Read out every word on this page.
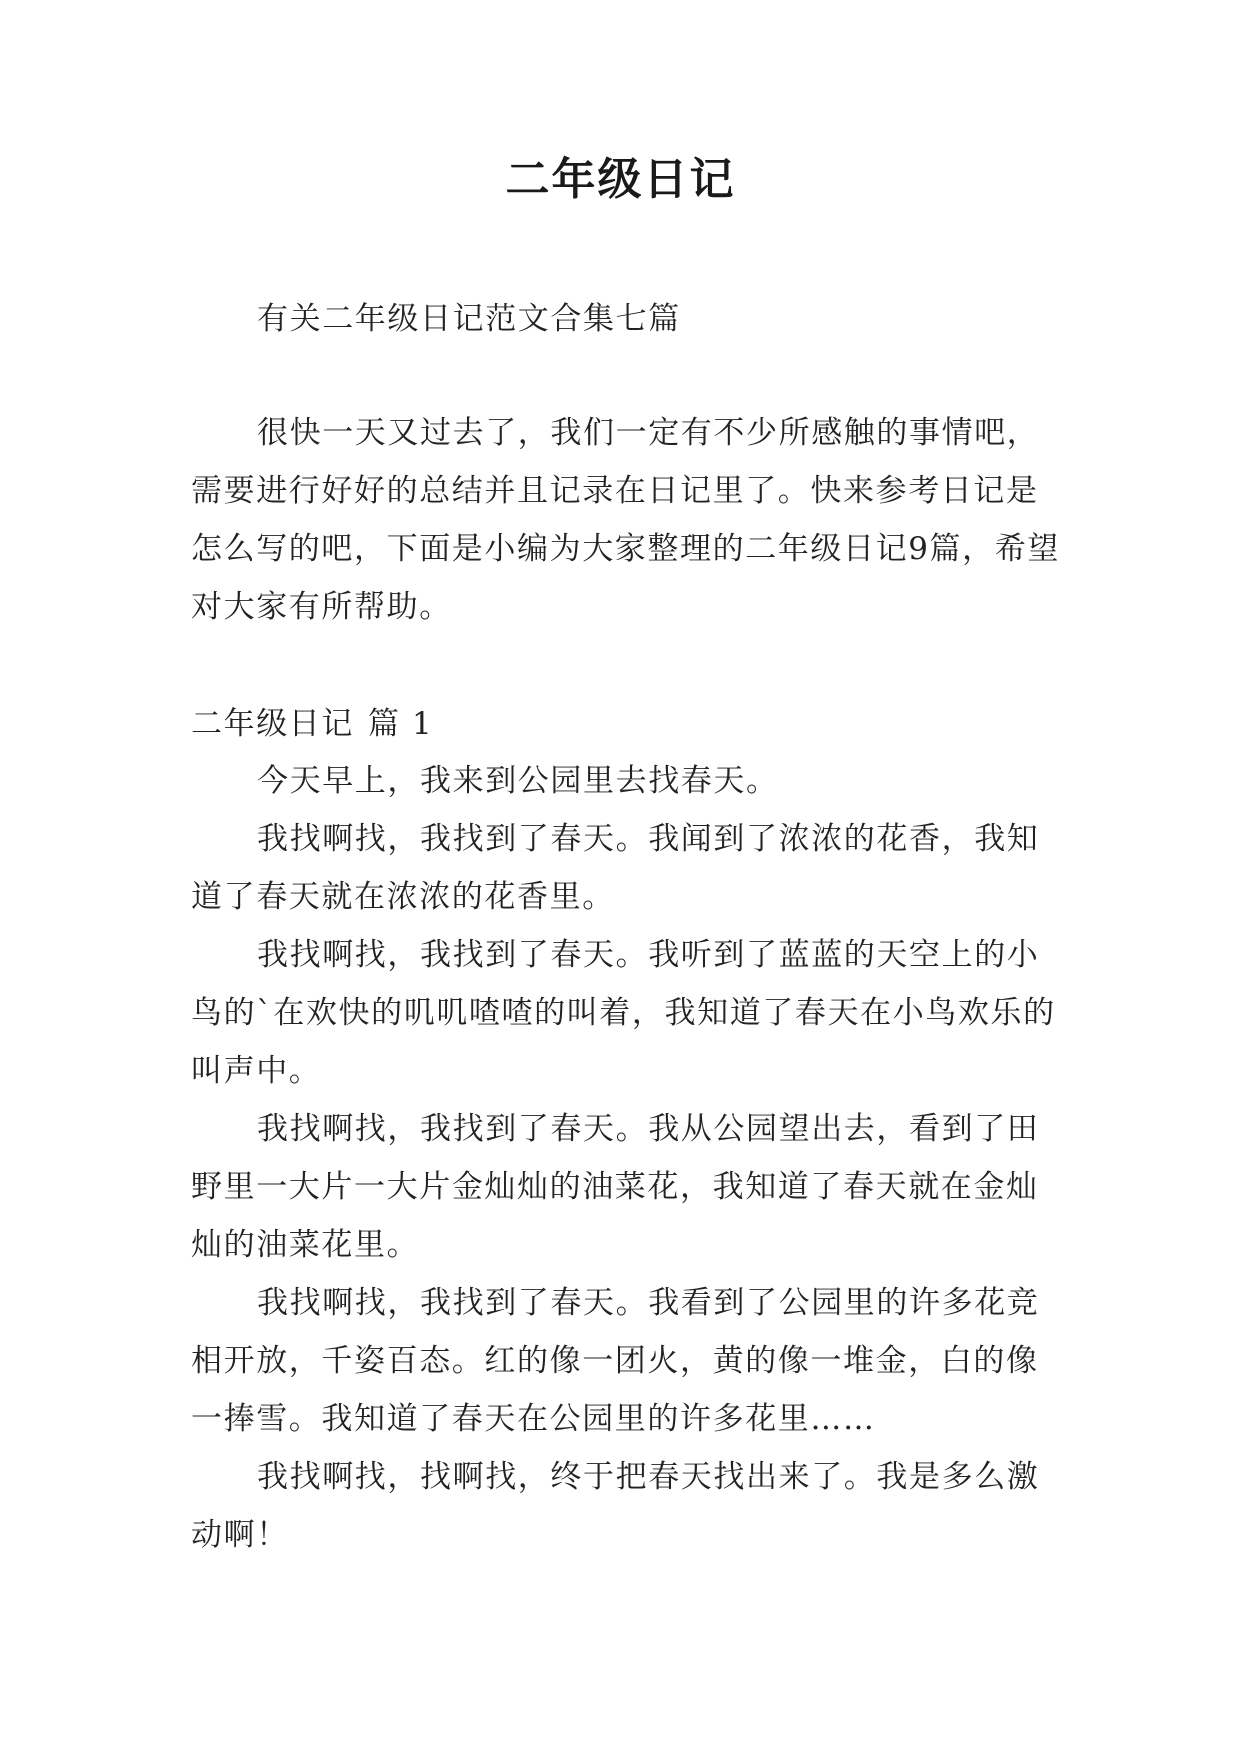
二年级日记
有关二年级日记范文合集七篇
很快一天又过去了，我们一定有不少所感触的事情吧，需要进行好好的总结并且记录在日记里了。快来参考日记是怎么写的吧，下面是小编为大家整理的二年级日记9篇，希望对大家有所帮助。
二年级日记 篇 1

今天早上，我来到公园里去找春天。

我找啊找，我找到了春天。我闻到了浓浓的花香，我知道了春天就在浓浓的花香里。

我找啊找，我找到了春天。我听到了蓝蓝的天空上的小鸟的`在欢快的叽叽喳喳的叫着，我知道了春天在小鸟欢乐的叫声中。

我找啊找，我找到了春天。我从公园望出去，看到了田野里一大片一大片金灿灿的油菜花，我知道了春天就在金灿灿的油菜花里。

我找啊找，我找到了春天。我看到了公园里的许多花竞相开放，千姿百态。红的像一团火，黄的像一堆金，白的像一捧雪。我知道了春天在公园里的许多花里……

我找啊找，找啊找，终于把春天找出来了。我是多么激动啊！
